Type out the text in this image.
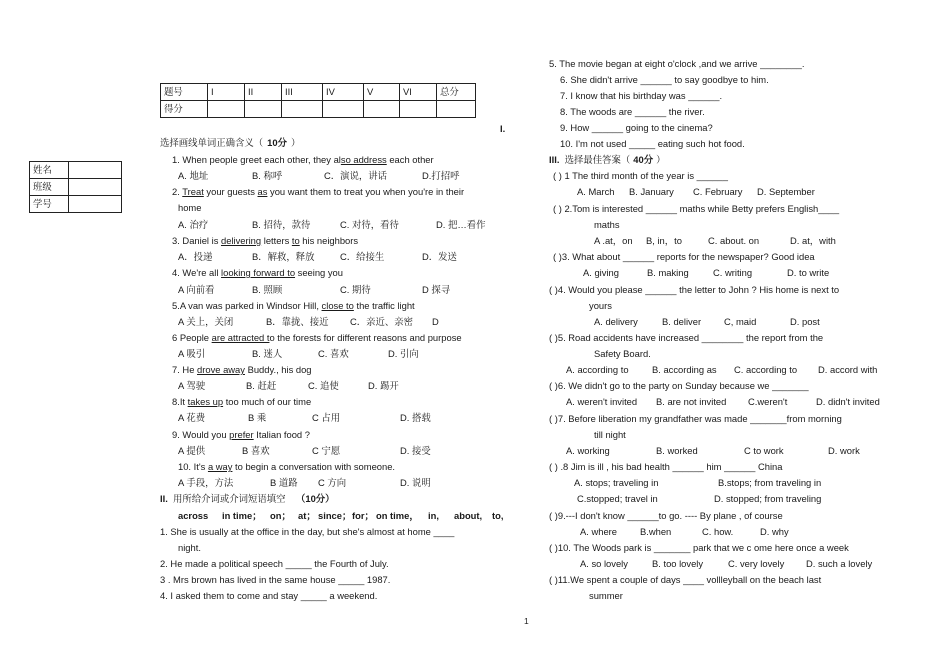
题号	I	II	III	IV	V	VI	总分
得分							
姓名	
班级	
学号	
I.
选择画线单词正确含义（ 10分 ）
1. When people greet each other, they also address each other
A. 地址	B. 称呼	C．演说，讲话	D.打招呼
2. Treat your guests as you want them to treat you when you're in their
home
A. 治疗	B. 招待，款待	C. 对待，看待	D. 把…看作
3. Daniel is delivering letters to his neighbors
A．投递	B．解救，释放	C．给接生	D．发送
4. We're all looking forward to seeing you
A 向前看	B. 照顾	C. 期待	D 探寻
5.A van was parked in Windsor Hill, close to the traffic light
A 关上，关闭	B．靠拢、接近 C．亲近、亲密 D
6 People are attracted to the forests for different reasons and purpose
A 吸引	B. 迷人	C. 喜欢	D. 引向
7. He drove away Buddy., his dog
A 驾驶	B. 赶赶	C. 追使	D. 踢开
8.It takes up too much of our time
A 花费	B 乘	C 占用	D. 搭载
9. Would you prefer Italian food ?
A 提供	B 喜欢	C 宁愿	D. 接受
10. It's a way to begin a conversation with someone.
A 手段，方法	B 道路 C 方向	D. 说明
II. 用所给介词或介词短语填空 （10分）
across in time； on； at； since； for； on time， in, about, to,
1. She is usually at the office in the day, but she's almost at home ____
night.
2. He made a political speech _____ the Fourth of July.
3 . Mrs brown has lived in the same house _____ 1987.
4. I asked them to come and stay _____ a weekend.
5. The movie began at eight o'clock ,and we arrive ________.
6. She didn't arrive ______ to say goodbye to him.
7. I know that his birthday was ______.
8. The woods are ______ the river.
9. How ______ going to the cinema?
10. I'm not used _____ eating such hot food.
III. 选择最佳答案（ 40分 ）
( ) 1 The third month of the year is ______
A. March B. January C. February D. September
( ) 2.Tom is interested ______ maths while Betty prefers English____
maths
A .at，on B, in，to	C. about. on	D. at，with
( )3. What about ______ reports for the newspaper? Good idea
A. giving	B. making	C. writing	D. to write
( )4. Would you please ______ the letter to John ? His home is next to
yours
A. delivery	B. deliver C, maid	D. post
( )5. Road accidents have increased ________ the report from the
Safety Board.
A. according to B. according as C. according to D. accord with
( )6. We didn't go to the party on Sunday because we _______
A. weren't invited B. are not invited C.weren't	D. didn't invited
( )7. Before liberation my grandfather was made _______from morning
till night
A. working	B. worked	C to work	D. work
( ) .8 Jim is ill , his bad health ______ him ______ China
A. stops; traveling in	B.stops; from traveling in
C.stopped; travel in	D. stopped; from traveling
( )9.---I don't know ______to go. ---- By plane , of course
A. where B.when	C. how.	D. why
( )10. The Woods park is _______ park that we c ome here once a week
A. so lovely	B. too lovely	C. very lovely D. such a lovely
( )11.We spent a couple of days ____ vollleyball on the beach last
summer
1
